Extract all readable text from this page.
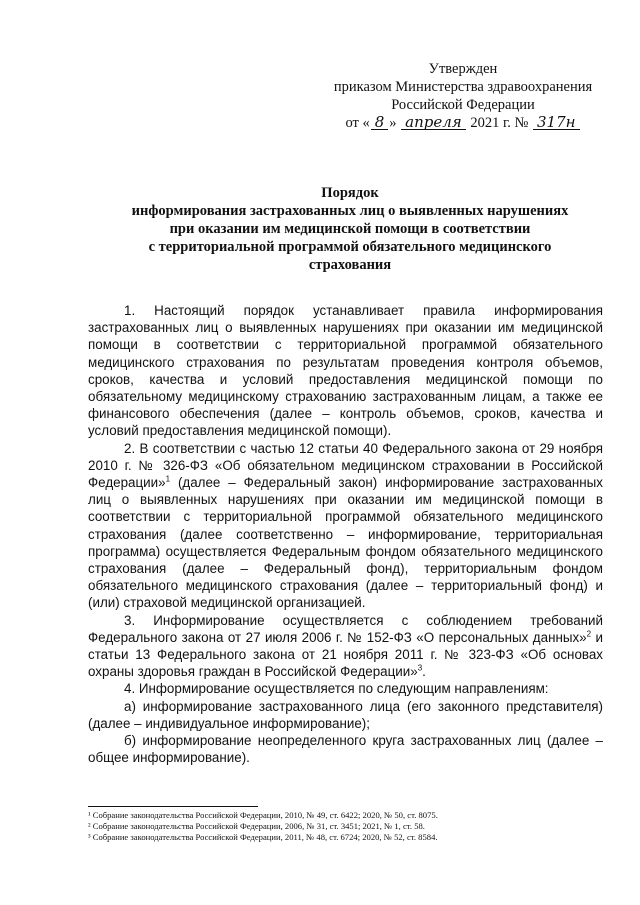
Утвержден
приказом Министерства здравоохранения
Российской Федерации
от « 8 » апреля 2021 г. № 317н
Порядок
информирования застрахованных лиц о выявленных нарушениях
при оказании им медицинской помощи в соответствии
с территориальной программой обязательного медицинского
страхования

1. Настоящий порядок устанавливает правила информирования застрахованных лиц о выявленных нарушениях при оказании им медицинской помощи в соответствии с территориальной программой обязательного медицинского страхования по результатам проведения контроля объемов, сроков, качества и условий предоставления медицинской помощи по обязательному медицинскому страхованию застрахованным лицам, а также ее финансового обеспечения (далее – контроль объемов, сроков, качества и условий предоставления медицинской помощи).

2. В соответствии с частью 12 статьи 40 Федерального закона от 29 ноября 2010 г. № 326-ФЗ «Об обязательном медицинском страховании в Российской Федерации»$^1$ (далее – Федеральный закон) информирование застрахованных лиц о выявленных нарушениях при оказании им медицинской помощи в соответствии с территориальной программой обязательного медицинского страхования (далее соответственно – информирование, территориальная программа) осуществляется Федеральным фондом обязательного медицинского страхования (далее – Федеральный фонд), территориальным фондом обязательного медицинского страхования (далее – территориальный фонд) и (или) страховой медицинской организацией.

3. Информирование осуществляется с соблюдением требований Федерального закона от 27 июля 2006 г. № 152-ФЗ «О персональных данных»$^2$ и статьи 13 Федерального закона от 21 ноября 2011 г. № 323-ФЗ «Об основах охраны здоровья граждан в Российской Федерации»$^3$.

4. Информирование осуществляется по следующим направлениям:

а) информирование застрахованного лица (его законного представителя) (далее – индивидуальное информирование);

б) информирование неопределенного круга застрахованных лиц (далее – общее информирование).

¹ Собрание законодательства Российской Федерации, 2010, № 49, ст. 6422; 2020, № 50, ст. 8075.
² Собрание законодательства Российской Федерации, 2006, № 31, ст. 3451; 2021, № 1, ст. 58.
³ Собрание законодательства Российской Федерации, 2011, № 48, ст. 6724; 2020, № 52, ст. 8584.
